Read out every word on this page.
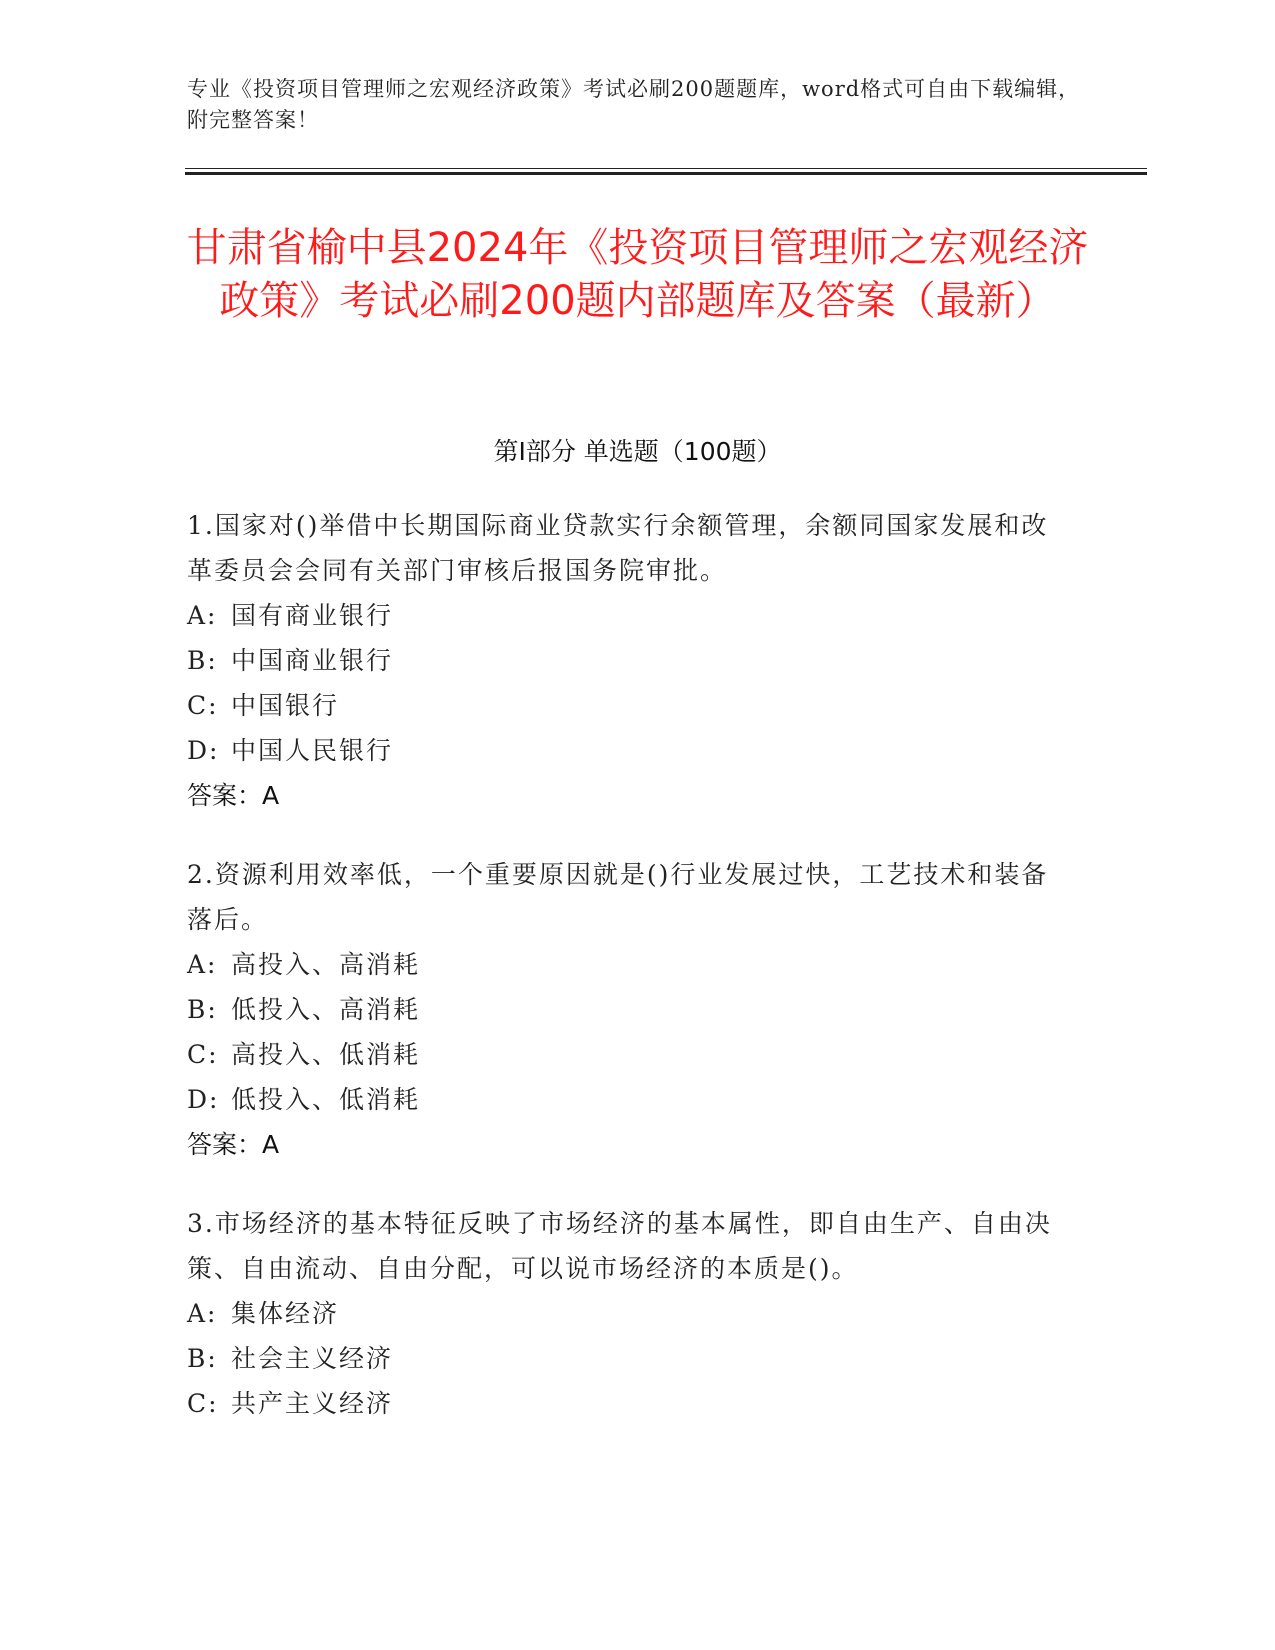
专业《投资项目管理师之宏观经济政策》考试必刷200题题库，word格式可自由下载编辑，附完整答案！
甘肃省榆中县2024年《投资项目管理师之宏观经济政策》考试必刷200题内部题库及答案（最新）
第Ⅰ部分 单选题（100题）
1.国家对()举借中长期国际商业贷款实行余额管理，余额同国家发展和改革委员会会同有关部门审核后报国务院审批。
A: 国有商业银行
B: 中国商业银行
C: 中国银行
D: 中国人民银行
答案：A
2.资源利用效率低，一个重要原因就是()行业发展过快，工艺技术和装备落后。
A: 高投入、高消耗
B: 低投入、高消耗
C: 高投入、低消耗
D: 低投入、低消耗
答案：A
3.市场经济的基本特征反映了市场经济的基本属性，即自由生产、自由决策、自由流动、自由分配，可以说市场经济的本质是()。
A: 集体经济
B: 社会主义经济
C: 共产主义经济
